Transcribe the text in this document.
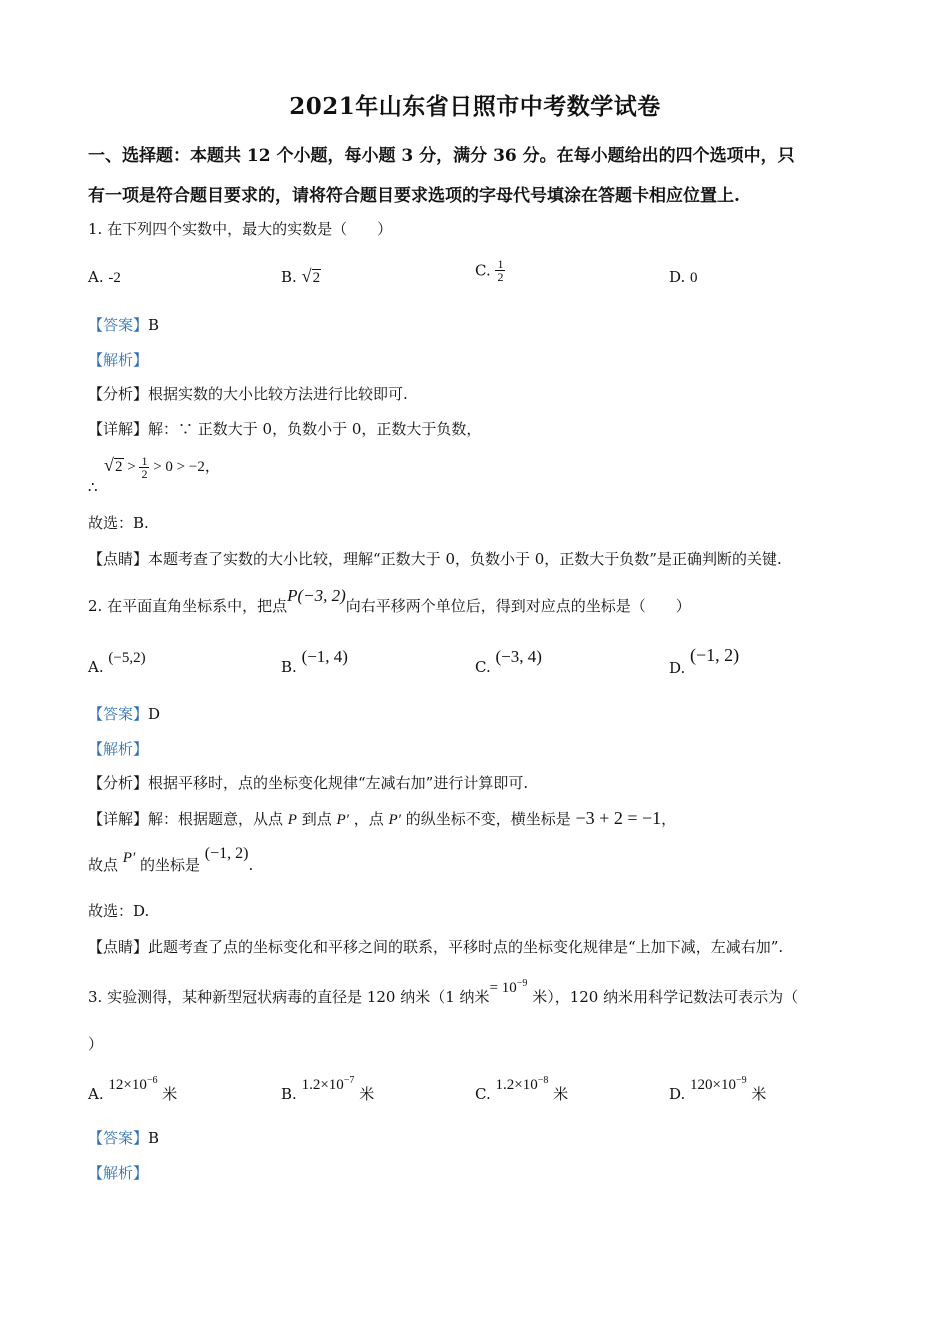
2021年山东省日照市中考数学试卷
一、选择题：本题共 12 个小题，每小题 3 分，满分 36 分。在每小题给出的四个选项中，只
有一项是符合题目要求的，请将符合题目要求选项的字母代号填涂在答题卡相应位置上.
1. 在下列四个实数中，最大的实数是（　　）
A. -2	B. √ 2	C. $\frac{1}{2}$	D. 0
【答案】B
【解析】
【分析】根据实数的大小比较方法进行比较即可.
【详解】解：∵ 正数大于 0，负数小于 0，正数大于负数，
∴
√ $2 > \frac{1}{2} > 0 > -2$，
故选：B.
【点睛】本题考查了实数的大小比较，理解“正数大于 0，负数小于 0，正数大于负数”是正确判断的关键.
2. 在平面直角坐标系中，把点P(−3, 2)向右平移两个单位后，得到对应点的坐标是（　　）
A. (−5,2)	B. (−1, 4)
C. (−3, 4)
D. (−1, 2)
【答案】D
【解析】
【分析】根据平移时，点的坐标变化规律“左减右加”进行计算即可.
【详解】解：根据题意，从点 P 到点 P′ ，点 P′ 的纵坐标不变，横坐标是 −3 + 2 = −1，
故点 P′ 的坐标是 (−1, 2).
故选：D.
【点睛】此题考查了点的坐标变化和平移之间的联系，平移时点的坐标变化规律是“上加下减，左减右加”.
3. 实验测得，某种新型冠状病毒的直径是 120 纳米（1 纳米= $10^{-9}$ 米），120 纳米用科学记数法可表示为（
）
A. $12\times 10^{-6}$ 米	B. $1.2\times 10^{-7}$ 米	C. $1.2\times 10^{-8}$ 米	D. $120\times 10^{-9}$ 米
【答案】B
【解析】
